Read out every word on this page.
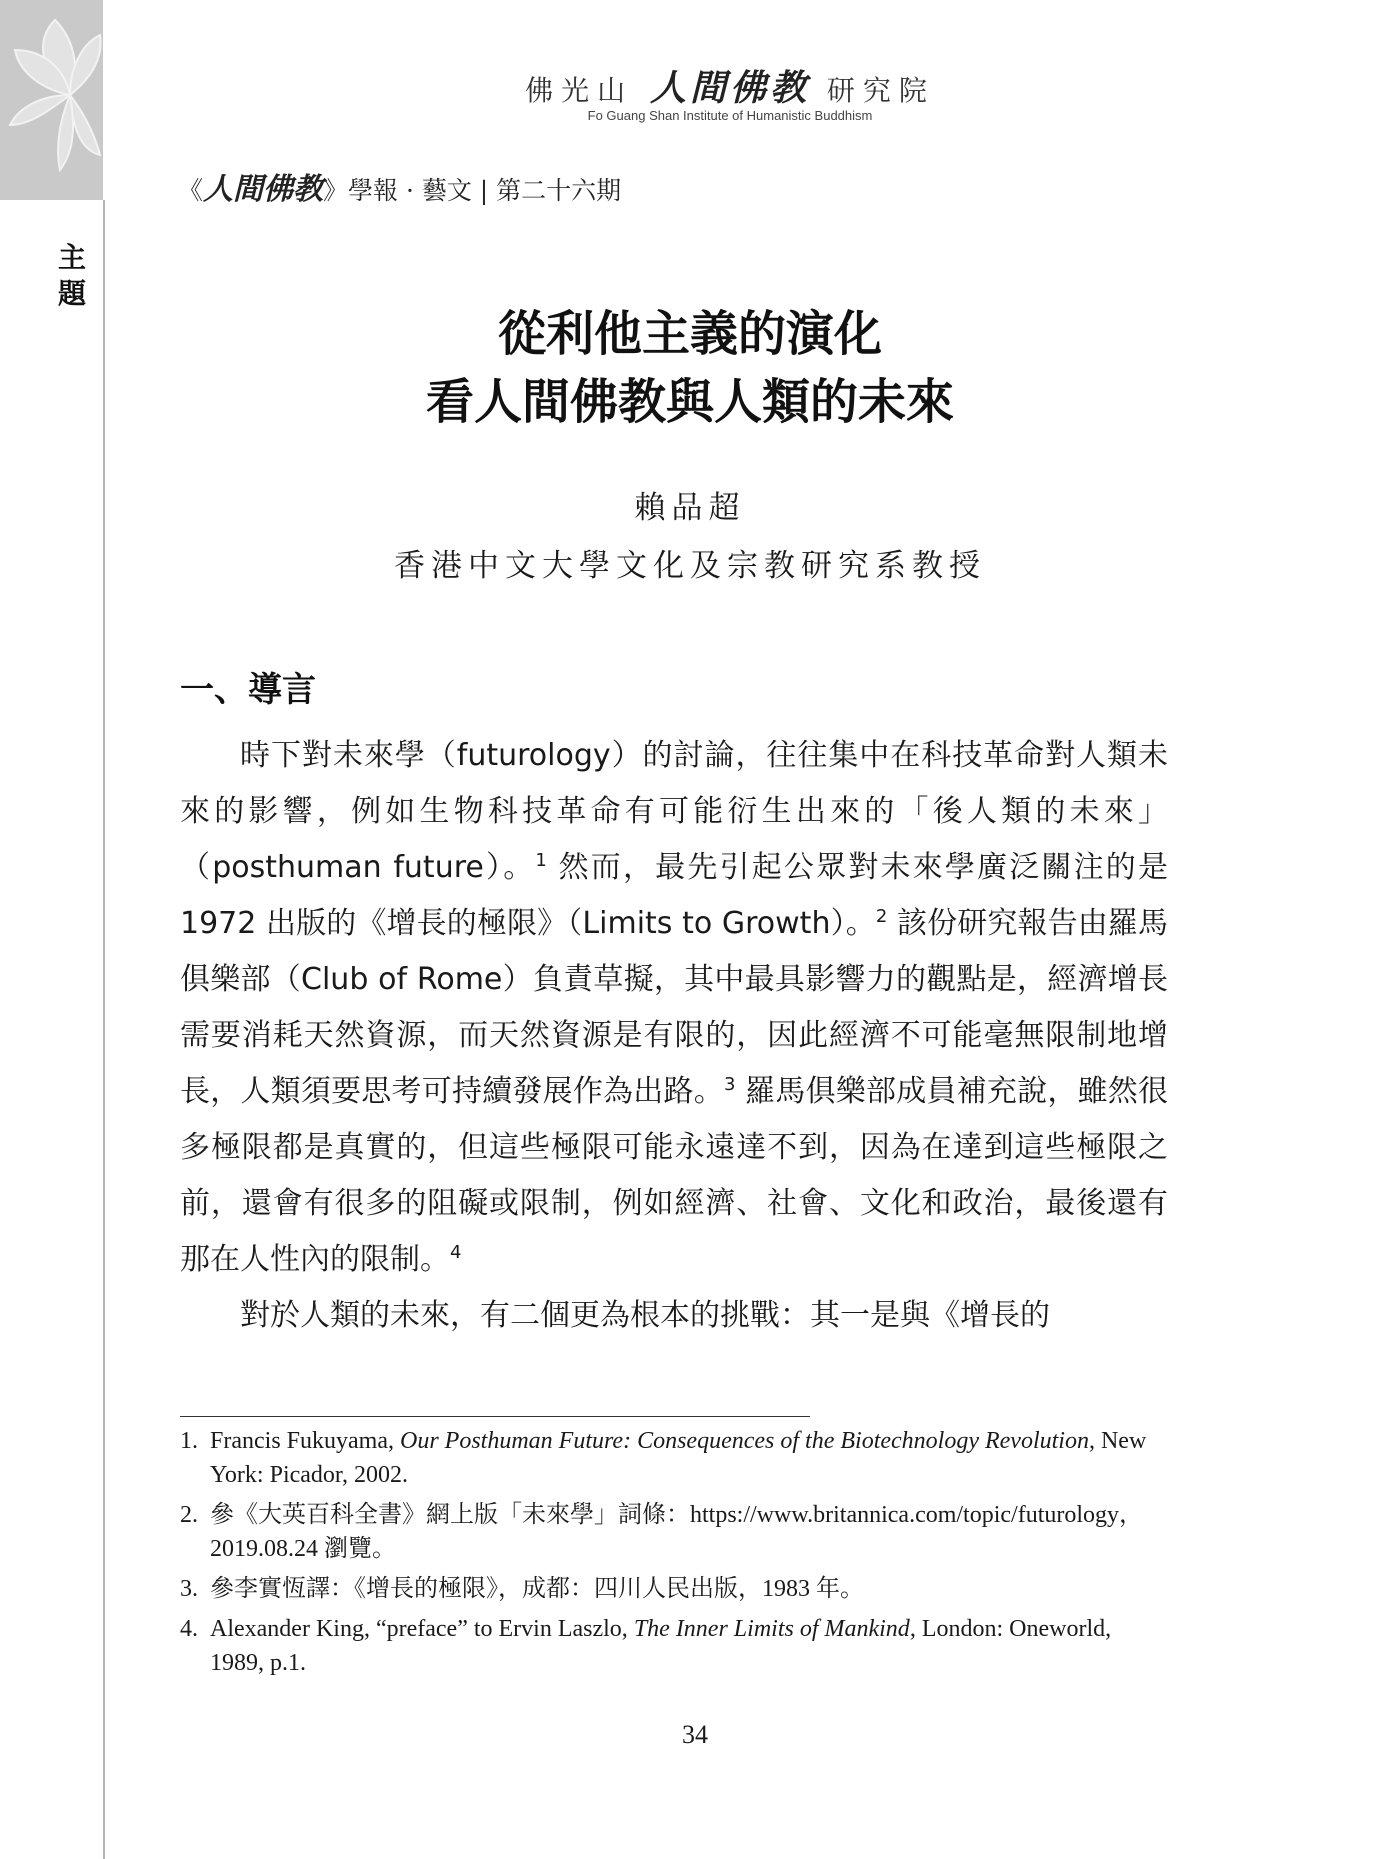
主題
佛光山 人間佛教 研究院
Fo Guang Shan Institute of Humanistic Buddhism
《人間佛教》學報 · 藝文 | 第二十六期
從利他主義的演化
看人間佛教與人類的未來
賴品超
香港中文大學文化及宗教研究系教授
一、導言

時下對未來學（futurology）的討論，往往集中在科技革命對人類未來的影響，例如生物科技革命有可能衍生出來的「後人類的未來」（posthuman future）。$^1$ 然而，最先引起公眾對未來學廣泛關注的是 1972 出版的《增長的極限》（Limits to Growth）。$^2$ 該份研究報告由羅馬俱樂部（Club of Rome）負責草擬，其中最具影響力的觀點是，經濟增長需要消耗天然資源，而天然資源是有限的，因此經濟不可能毫無限制地增長，人類須要思考可持續發展作為出路。$^3$ 羅馬俱樂部成員補充說，雖然很多極限都是真實的，但這些極限可能永遠達不到，因為在達到這些極限之前，還會有很多的阻礙或限制，例如經濟、社會、文化和政治，最後還有那在人性內的限制。$^4$

對於人類的未來，有二個更為根本的挑戰：其一是與《增長的

1. Francis Fukuyama, Our Posthuman Future: Consequences of the Biotechnology Revolution, New York: Picador, 2002.
2. 參《大英百科全書》網上版「未來學」詞條：https://www.britannica.com/topic/futurology，2019.08.24 瀏覽。
3. 參李實恆譯：《增長的極限》，成都：四川人民出版，1983 年。
4. Alexander King, “preface” to Ervin Laszlo, The Inner Limits of Mankind, London: Oneworld, 1989, p.1.
34
